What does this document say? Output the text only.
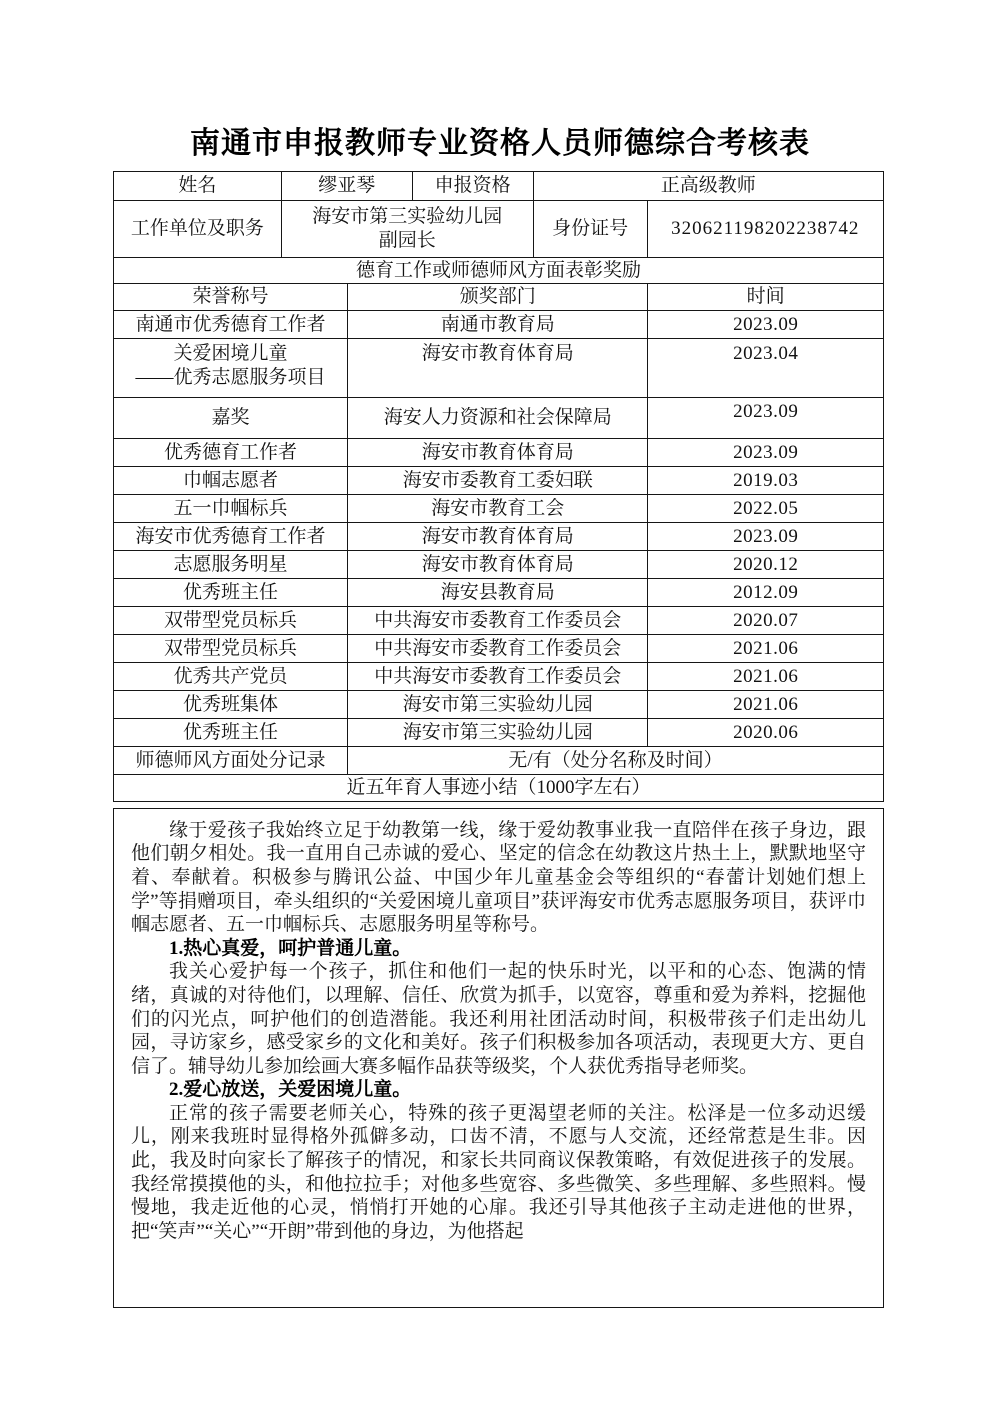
南通市申报教师专业资格人员师德综合考核表
姓名	缪亚琴	申报资格	正高级教师	
工作单位及职务	海安市第三实验幼儿园
副园长		身份证号	320621198202238742
德育工作或师德师风方面表彰奖励		
荣誉称号	颁奖部门	时间
南通市优秀德育工作者	南通市教育局	2023.09
关爱困境儿童
——优秀志愿服务项目	海安市教育体育局	2023.04
嘉奖	海安人力资源和社会保障局	2023.09
优秀德育工作者	海安市教育体育局	2023.09
巾帼志愿者	海安市委教育工委妇联	2019.03
五一巾帼标兵	海安市教育工会	2022.05
海安市优秀德育工作者	海安市教育体育局	2023.09
志愿服务明星	海安市教育体育局	2020.12
优秀班主任	海安县教育局	2012.09
双带型党员标兵	中共海安市委教育工作委员会	2020.07
双带型党员标兵	中共海安市委教育工作委员会	2021.06
优秀共产党员	中共海安市委教育工作委员会	2021.06
优秀班集体	海安市第三实验幼儿园	2021.06
优秀班主任	海安市第三实验幼儿园	2020.06
师德师风方面处分记录	无/有（处分名称及时间）	
近五年育人事迹小结（1000字左右）		

缘于爱孩子我始终立足于幼教第一线，缘于爱幼教事业我一直陪伴在孩子身边，跟他们朝夕相处。我一直用自己赤诚的爱心、坚定的信念在幼教这片热土上，默默地坚守着、奉献着。积极参与腾讯公益、中国少年儿童基金会等组织的“春蕾计划她们想上学”等捐赠项目，牵头组织的“关爱困境儿童项目”获评海安市优秀志愿服务项目，获评巾帼志愿者、五一巾帼标兵、志愿服务明星等称号。

1.热心真爱，呵护普通儿童。

我关心爱护每一个孩子，抓住和他们一起的快乐时光，以平和的心态、饱满的情绪，真诚的对待他们，以理解、信任、欣赏为抓手，以宽容，尊重和爱为养料，挖掘他们的闪光点，呵护他们的创造潜能。我还利用社团活动时间，积极带孩子们走出幼儿园，寻访家乡，感受家乡的文化和美好。孩子们积极参加各项活动，表现更大方、更自信了。辅导幼儿参加绘画大赛多幅作品获等级奖，个人获优秀指导老师奖。

2.爱心放送，关爱困境儿童。

正常的孩子需要老师关心，特殊的孩子更渴望老师的关注。松泽是一位多动迟缓儿，刚来我班时显得格外孤僻多动，口齿不清，不愿与人交流，还经常惹是生非。因此，我及时向家长了解孩子的情况，和家长共同商议保教策略，有效促进孩子的发展。我经常摸摸他的头，和他拉拉手；对他多些宽容、多些微笑、多些理解、多些照料。慢慢地，我走近他的心灵，悄悄打开她的心扉。我还引导其他孩子主动走进他的世界，把“笑声”“关心”“开朗”带到他的身边，为他搭起
